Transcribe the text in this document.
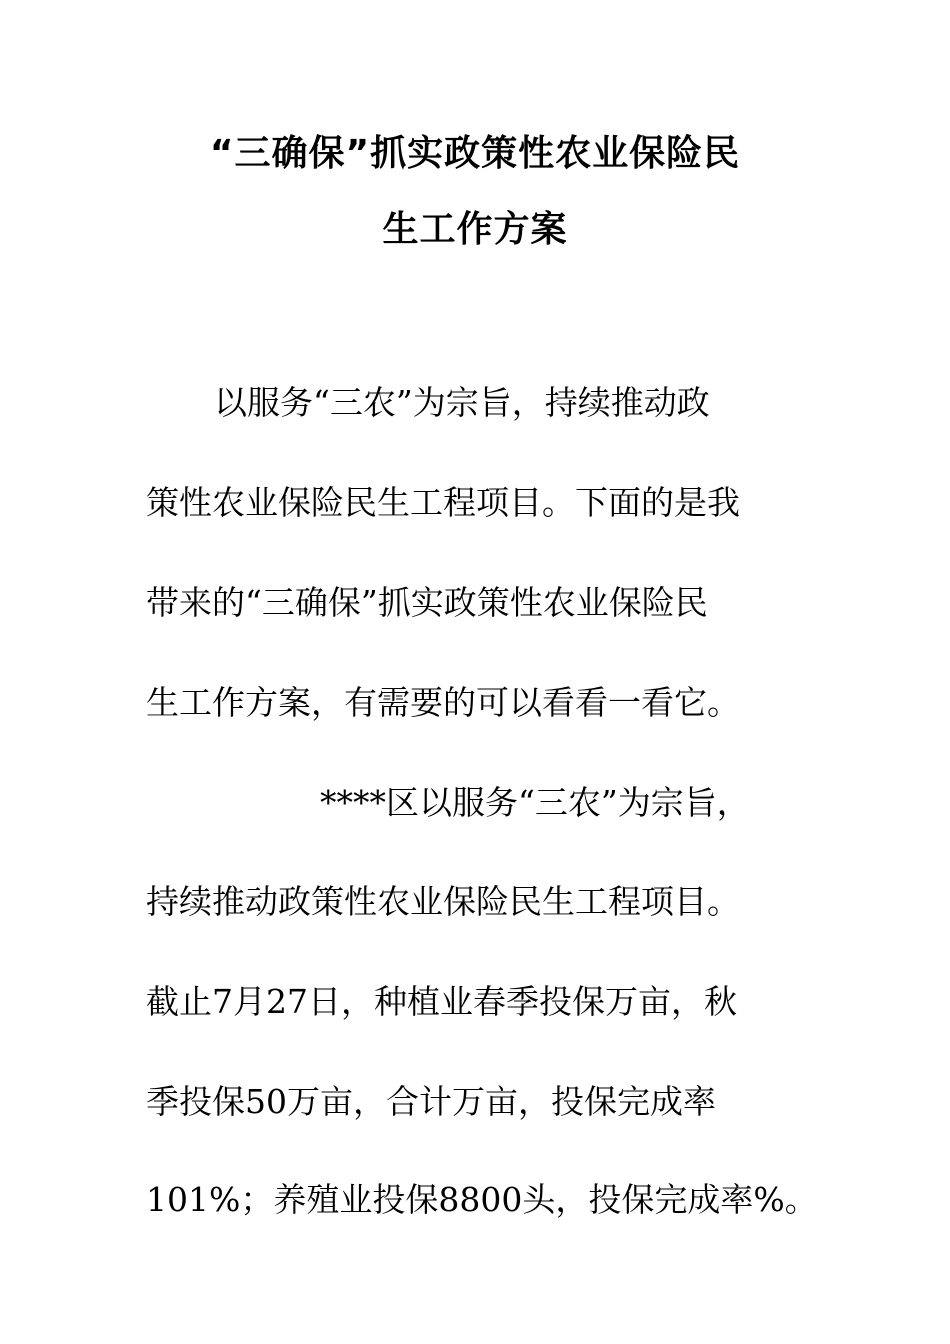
“三确保”抓实政策性农业保险民
生工作方案

以服务“三农”为宗旨，持续推动政

策性农业保险民生工程项目。下面的是我

带来的“三确保”抓实政策性农业保险民

生工作方案，有需要的可以看看一看它。

****区以服务“三农”为宗旨，

持续推动政策性农业保险民生工程项目。

截止7月27日，种植业春季投保万亩，秋

季投保50万亩，合计万亩，投保完成率

101%；养殖业投保8800头，投保完成率%。
